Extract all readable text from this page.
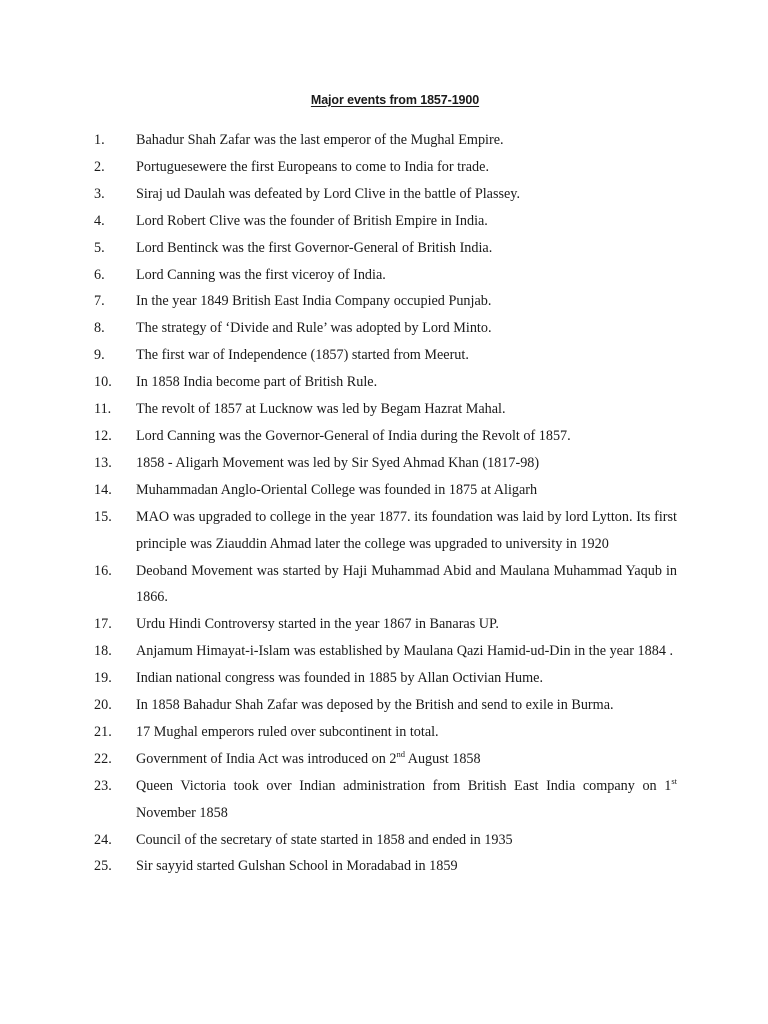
Major events from 1857-1900
1. Bahadur Shah Zafar was the last emperor of the Mughal Empire.
2. Portuguesewere the first Europeans to come to India for trade.
3. Siraj ud Daulah was defeated by Lord Clive in the battle of Plassey.
4. Lord Robert Clive was the founder of British Empire in India.
5. Lord Bentinck was the first Governor-General of British India.
6. Lord Canning was the first viceroy of India.
7. In the year 1849 British East India Company occupied Punjab.
8. The strategy of ‘Divide and Rule’ was adopted by Lord Minto.
9. The first war of Independence (1857) started from Meerut.
10. In 1858 India become part of British Rule.
11. The revolt of 1857 at Lucknow was led by Begam Hazrat Mahal.
12. Lord Canning was the Governor-General of India during the Revolt of 1857.
13. 1858 - Aligarh Movement was led by Sir Syed Ahmad Khan (1817-98)
14. Muhammadan Anglo-Oriental College was founded in 1875 at Aligarh
15. MAO was upgraded to college in the year 1877. its foundation was laid by lord Lytton. Its first principle was Ziauddin Ahmad later the college was upgraded to university in 1920
16. Deoband Movement was started by Haji Muhammad Abid and Maulana Muhammad Yaqub in 1866.
17. Urdu Hindi Controversy started in the year 1867 in Banaras UP.
18. Anjamum Himayat-i-Islam was established by Maulana Qazi Hamid-ud-Din in the year 1884 .
19. Indian national congress was founded in 1885 by Allan Octivian Hume.
20. In 1858 Bahadur Shah Zafar was deposed by the British and send to exile in Burma.
21. 17 Mughal emperors ruled over subcontinent in total.
22. Government of India Act was introduced on 2nd August 1858
23. Queen Victoria took over Indian administration from British East India company on 1st November 1858
24. Council of the secretary of state started in 1858 and ended in 1935
25. Sir sayyid started Gulshan School in Moradabad in 1859
